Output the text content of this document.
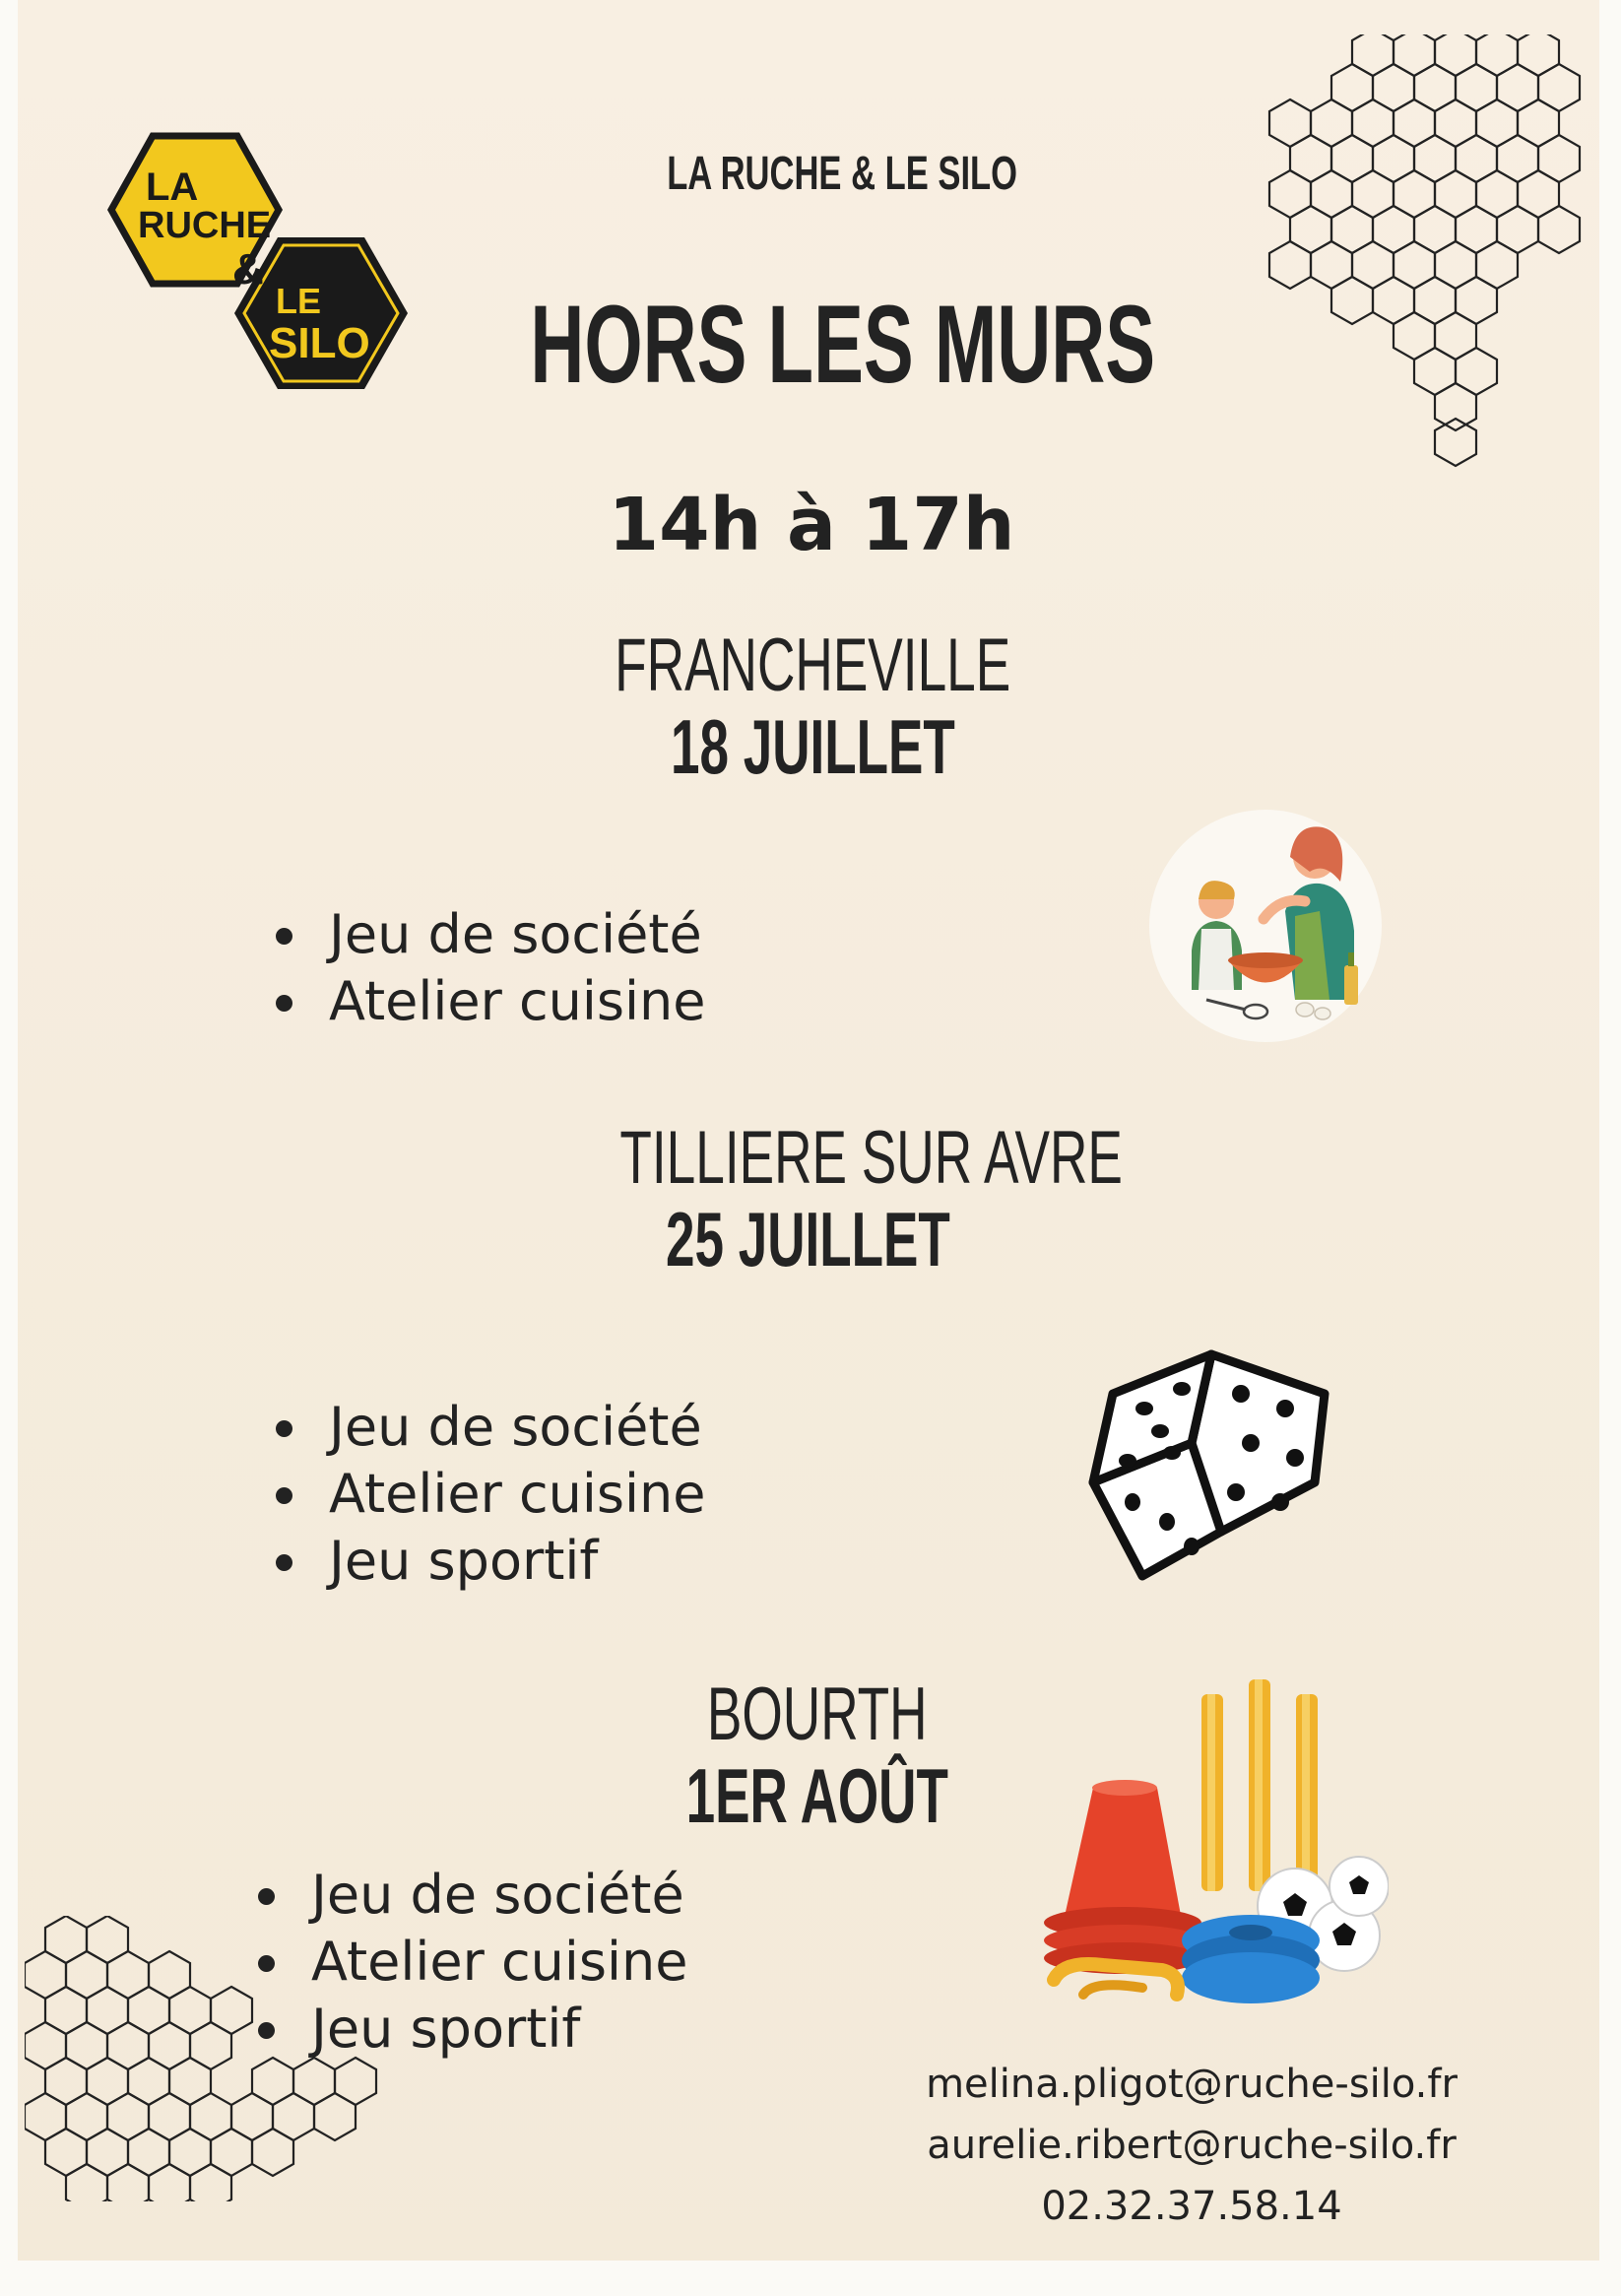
LA
RUCHE
&
LE
SILO
LA RUCHE & LE SILO
HORS LES MURS
14h à 17h
FRANCHEVILLE
18 JUILLET
Jeu de société
Atelier cuisine
TILLIERE SUR AVRE
25 JUILLET
Jeu de société
Atelier cuisine
Jeu sportif
BOURTH
1ER AOÛT
Jeu de société
Atelier cuisine
Jeu sportif
melina.pligot@ruche-silo.fr
aurelie.ribert@ruche-silo.fr
02.32.37.58.14
